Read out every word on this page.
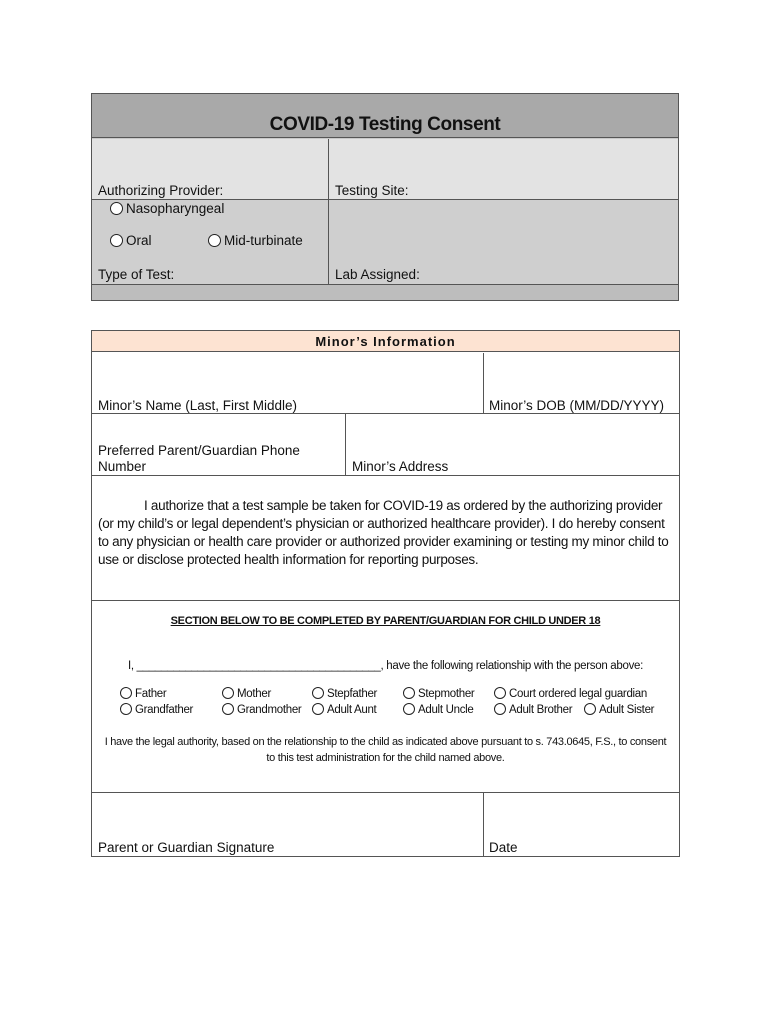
COVID-19 Testing Consent
Authorizing Provider:	Testing Site:
Nasopharyngeal
Oral	Mid-turbinate
Type of Test:	Lab Assigned:
Minor’s Information
Minor’s Name (Last, First Middle)	Minor’s DOB (MM/DD/YYYY)
Preferred Parent/Guardian Phone
Number	Minor’s Address
I authorize that a test sample be taken for COVID-19 as ordered by the authorizing provider (or my child’s or legal dependent’s physician or authorized healthcare provider). I do hereby consent to any physician or health care provider or authorized provider examining or testing my minor child to use or disclose protected health information for reporting purposes.
SECTION BELOW TO BE COMPLETED BY PARENT/GUARDIAN FOR CHILD UNDER 18
I, ________________________________________, have the following relationship with the person above:
Father	Mother	Stepfather	Stepmother	Court ordered legal guardian
Grandfather	Grandmother	Adult Aunt	Adult Uncle	Adult Brother	Adult Sister
I have the legal authority, based on the relationship to the child as indicated above pursuant to s. 743.0645, F.S., to consent
to this test administration for the child named above.
Parent or Guardian Signature	Date
